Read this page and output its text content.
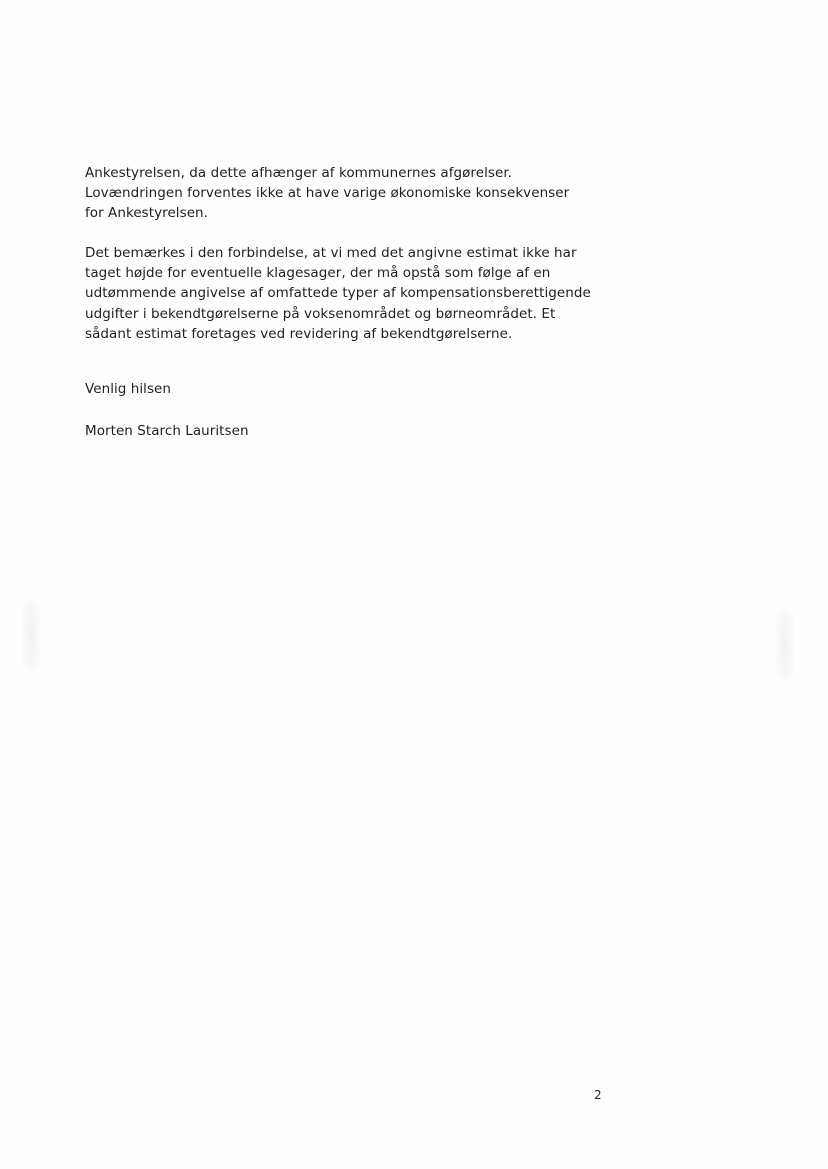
Ankestyrelsen, da dette afhænger af kommunernes afgørelser.
Lovændringen forventes ikke at have varige økonomiske konsekvenser
for Ankestyrelsen.

Det bemærkes i den forbindelse, at vi med det angivne estimat ikke har
taget højde for eventuelle klagesager, der må opstå som følge af en
udtømmende angivelse af omfattede typer af kompensationsberettigende
udgifter i bekendtgørelserne på voksenområdet og børneområdet. Et
sådant estimat foretages ved revidering af bekendtgørelserne.

Venlig hilsen

Morten Starch Lauritsen

2
